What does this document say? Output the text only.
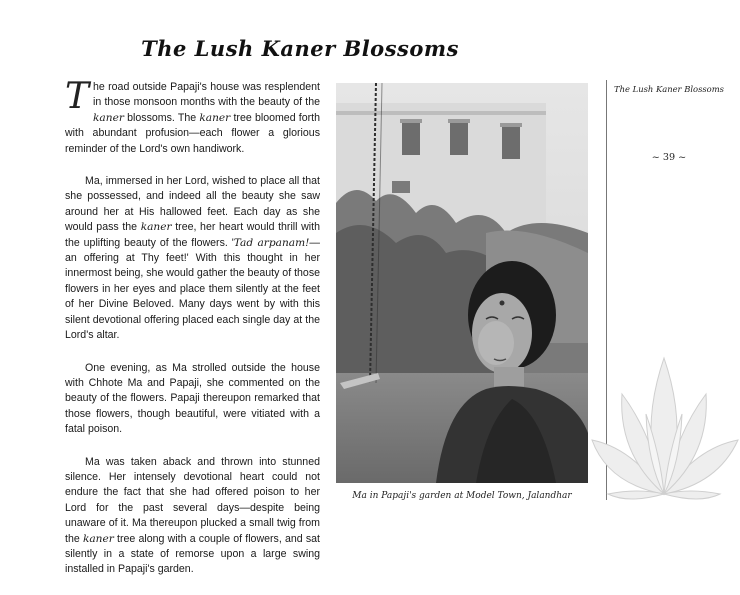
The Lush Kaner Blossoms

The road outside Papaji's house was resplendent in those monsoon months with the beauty of the kaner blossoms. The kaner tree bloomed forth with abundant profusion—each flower a glorious reminder of the Lord's own handiwork.

Ma, immersed in her Lord, wished to place all that she possessed, and indeed all the beauty she saw around her at His hallowed feet. Each day as she would pass the kaner tree, her heart would thrill with the uplifting beauty of the flowers. 'Tad arpanam!—an offering at Thy feet!' With this thought in her innermost being, she would gather the beauty of those flowers in her eyes and place them silently at the feet of her Divine Beloved. Many days went by with this silent devotional offering placed each single day at the Lord's altar.

One evening, as Ma strolled outside the house with Chhote Ma and Papaji, she commented on the beauty of the flowers. Papaji thereupon remarked that those flowers, though beautiful, were vitiated with a fatal poison.

Ma was taken aback and thrown into stunned silence. Her intensely devotional heart could not endure the fact that she had offered poison to her Lord for the past several days—despite being unaware of it. Ma thereupon plucked a small twig from the kaner tree along with a couple of flowers, and sat silently in a state of remorse upon a large swing installed in Papaji's garden.

Ma in Papaji's garden at Model Town, Jalandhar
The Lush Kaner Blossoms
~ 39 ~
